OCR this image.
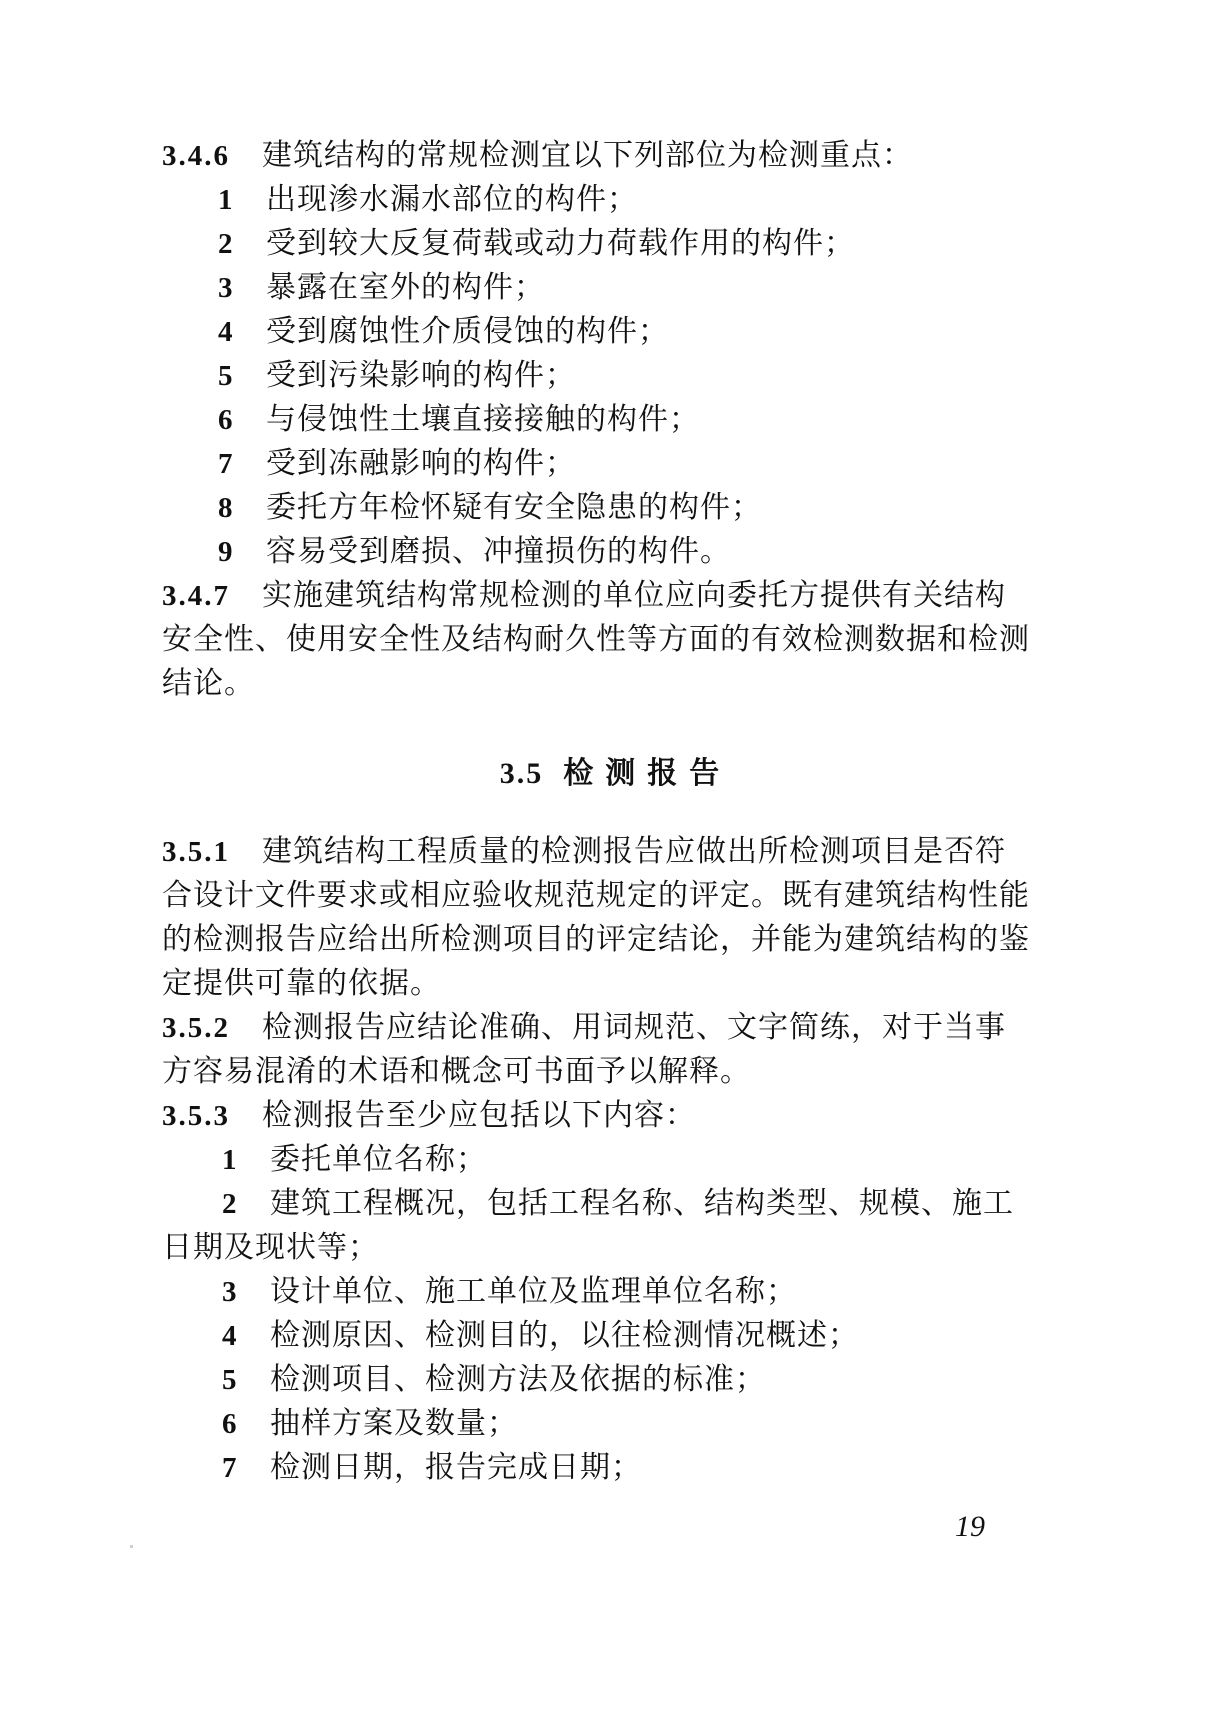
3.4.6 建筑结构的常规检测宜以下列部位为检测重点：
1 出现渗水漏水部位的构件；
2 受到较大反复荷载或动力荷载作用的构件；
3 暴露在室外的构件；
4 受到腐蚀性介质侵蚀的构件；
5 受到污染影响的构件；
6 与侵蚀性土壤直接接触的构件；
7 受到冻融影响的构件；
8 委托方年检怀疑有安全隐患的构件；
9 容易受到磨损、冲撞损伤的构件。
3.4.7 实施建筑结构常规检测的单位应向委托方提供有关结构
安全性、使用安全性及结构耐久性等方面的有效检测数据和检测
结论。
3.5 检测报告
3.5.1 建筑结构工程质量的检测报告应做出所检测项目是否符
合设计文件要求或相应验收规范规定的评定。既有建筑结构性能
的检测报告应给出所检测项目的评定结论，并能为建筑结构的鉴
定提供可靠的依据。
3.5.2 检测报告应结论准确、用词规范、文字简练，对于当事
方容易混淆的术语和概念可书面予以解释。
3.5.3 检测报告至少应包括以下内容：
1 委托单位名称；
2 建筑工程概况，包括工程名称、结构类型、规模、施工
日期及现状等；
3 设计单位、施工单位及监理单位名称；
4 检测原因、检测目的，以往检测情况概述；
5 检测项目、检测方法及依据的标准；
6 抽样方案及数量；
7 检测日期，报告完成日期；
19
